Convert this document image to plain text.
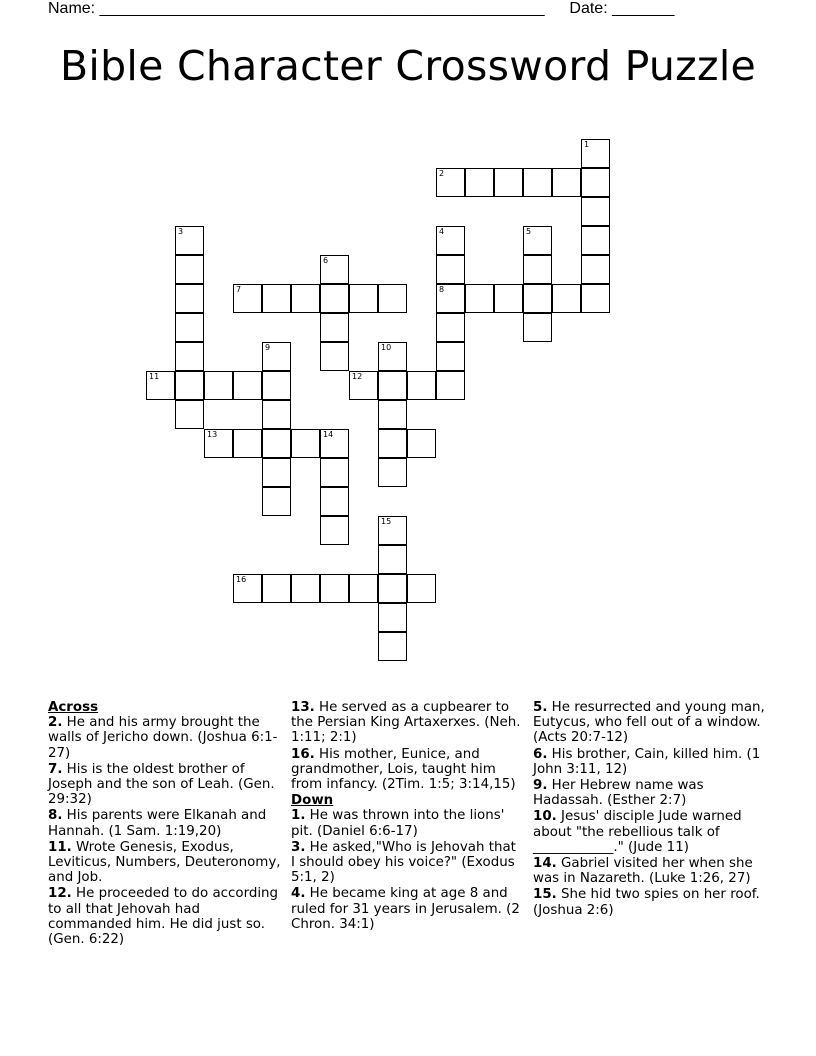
Name: __________________________________________________ Date: _______
Bible Character Crossword Puzzle
1
2
3	4	5
6
7
9	10
11	12
13	14
15
16
8
Across
2. He and his army brought the walls of Jericho down. (Joshua 6:1-27)
7. His is the oldest brother of Joseph and the son of Leah. (Gen. 29:32)
8. His parents were Elkanah and Hannah. (1 Sam. 1:19,20)
11. Wrote Genesis, Exodus, Leviticus, Numbers, Deuteronomy, and Job.
12. He proceeded to do according to all that Jehovah had commanded him. He did just so. (Gen. 6:22)
13. He served as a cupbearer to the Persian King Artaxerxes. (Neh. 1:11; 2:1)
16. His mother, Eunice, and grandmother, Lois, taught him from infancy. (2Tim. 1:5; 3:14,15)
Down
1. He was thrown into the lions' pit. (Daniel 6:6-17)
3. He asked,"Who is Jehovah that I should obey his voice?" (Exodus 5:1, 2)
4. He became king at age 8 and ruled for 31 years in Jerusalem. (2 Chron. 34:1)
5. He resurrected and young man, Eutycus, who fell out of a window. (Acts 20:7-12)
6. His brother, Cain, killed him. (1 John 3:11, 12)
9. Her Hebrew name was Hadassah. (Esther 2:7)
10. Jesus' disciple Jude warned about "the rebellious talk of ____________." (Jude 11)
14. Gabriel visited her when she was in Nazareth. (Luke 1:26, 27)
15. She hid two spies on her roof. (Joshua 2:6)
